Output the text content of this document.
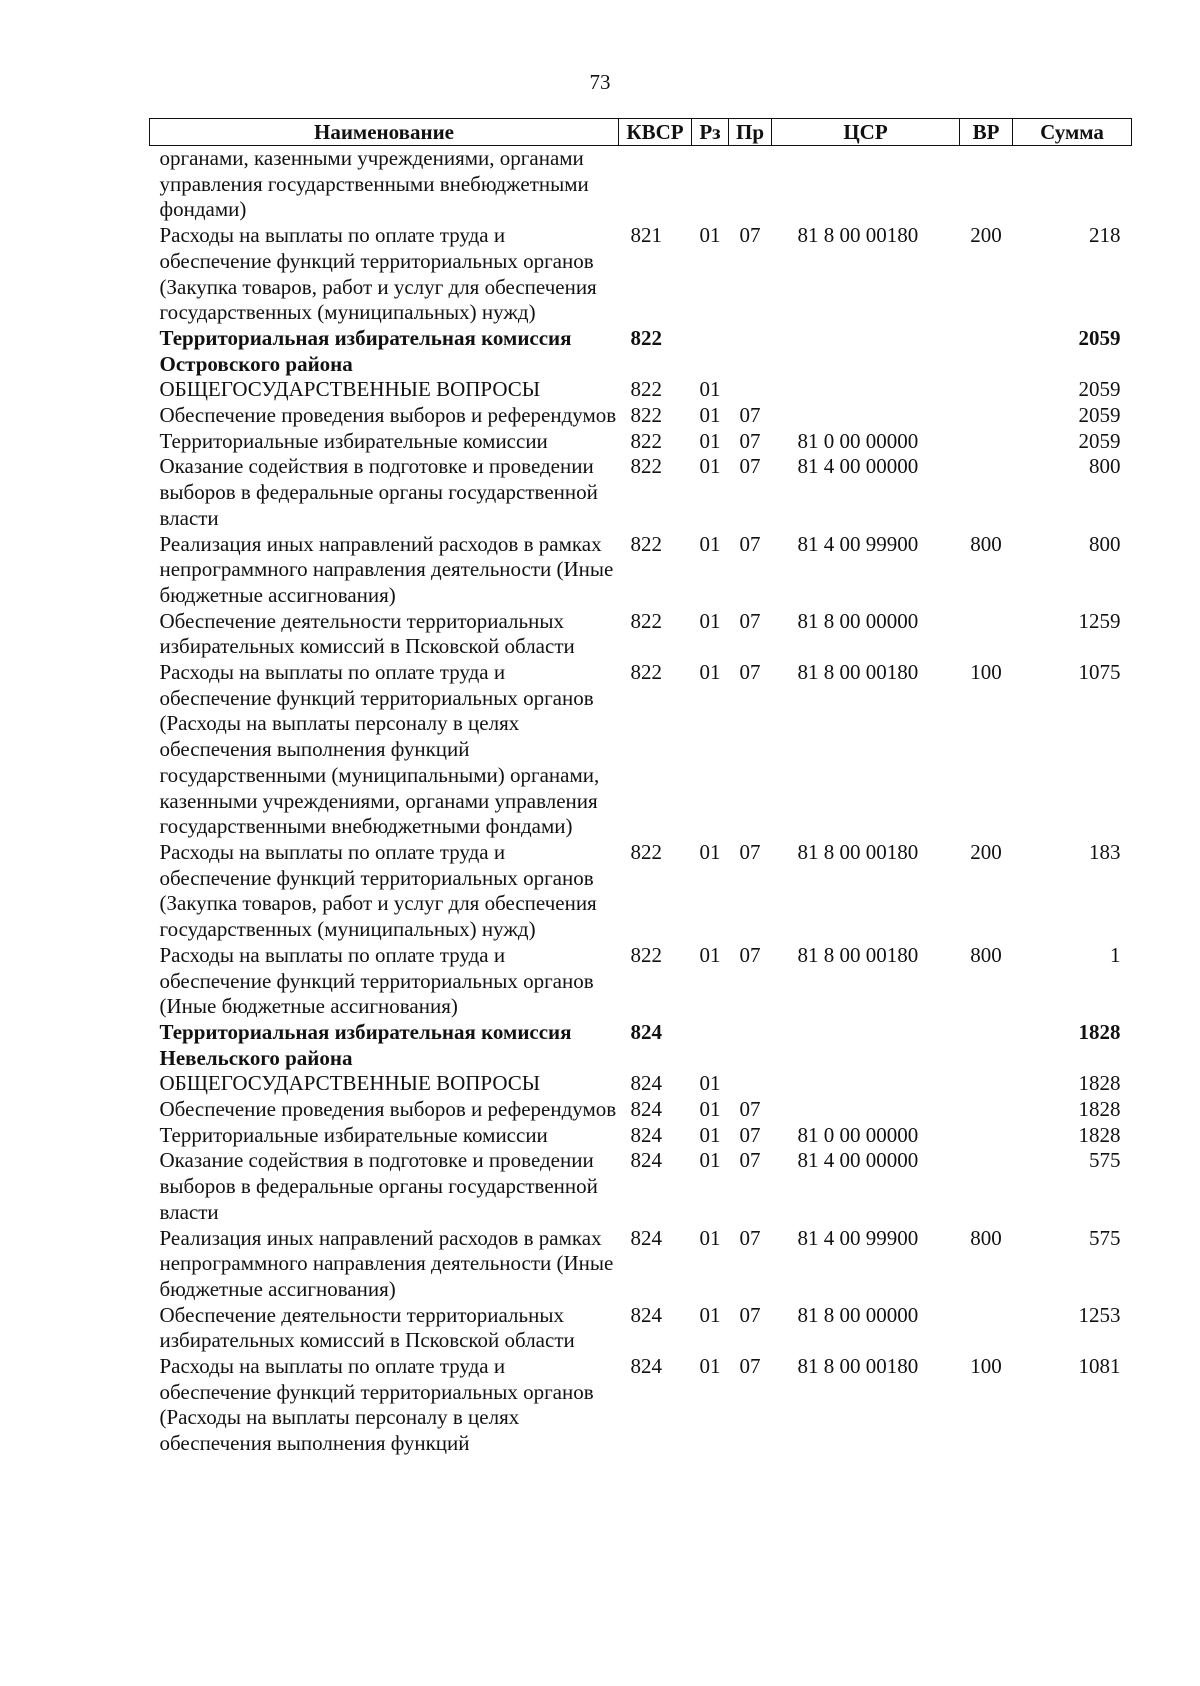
73
Наименование	КВСР	Рз	Пр	ЦСР	ВР	Сумма
органами, казенными учреждениями, органами управления государственными внебюджетными фондами)						
Расходы на выплаты по оплате труда и обеспечение функций территориальных органов (Закупка товаров, работ и услуг для обеспечения государственных (муниципальных) нужд)	821	01	07	81 8 00 00180	200	218
Территориальная избирательная комиссия Островского района	822					2059
ОБЩЕГОСУДАРСТВЕННЫЕ ВОПРОСЫ	822	01				2059
Обеспечение проведения выборов и референдумов	822	01	07			2059
Территориальные избирательные комиссии	822	01	07	81 0 00 00000		2059
Оказание содействия в подготовке и проведении выборов в федеральные органы государственной власти	822	01	07	81 4 00 00000		800
Реализация иных направлений расходов в рамках непрограммного направления деятельности (Иные бюджетные ассигнования)	822	01	07	81 4 00 99900	800	800
Обеспечение деятельности территориальных избирательных комиссий в Псковской области	822	01	07	81 8 00 00000		1259
Расходы на выплаты по оплате труда и обеспечение функций территориальных органов (Расходы на выплаты персоналу в целях обеспечения выполнения функций государственными (муниципальными) органами, казенными учреждениями, органами управления государственными внебюджетными фондами)	822	01	07	81 8 00 00180	100	1075
Расходы на выплаты по оплате труда и обеспечение функций территориальных органов (Закупка товаров, работ и услуг для обеспечения государственных (муниципальных) нужд)	822	01	07	81 8 00 00180	200	183
Расходы на выплаты по оплате труда и обеспечение функций территориальных органов (Иные бюджетные ассигнования)	822	01	07	81 8 00 00180	800	1
Территориальная избирательная комиссия Невельского района	824					1828
ОБЩЕГОСУДАРСТВЕННЫЕ ВОПРОСЫ	824	01				1828
Обеспечение проведения выборов и референдумов	824	01	07			1828
Территориальные избирательные комиссии	824	01	07	81 0 00 00000		1828
Оказание содействия в подготовке и проведении выборов в федеральные органы государственной власти	824	01	07	81 4 00 00000		575
Реализация иных направлений расходов в рамках непрограммного направления деятельности (Иные бюджетные ассигнования)	824	01	07	81 4 00 99900	800	575
Обеспечение деятельности территориальных избирательных комиссий в Псковской области	824	01	07	81 8 00 00000		1253
Расходы на выплаты по оплате труда и обеспечение функций территориальных органов (Расходы на выплаты персоналу в целях обеспечения выполнения функций	824	01	07	81 8 00 00180	100	1081
